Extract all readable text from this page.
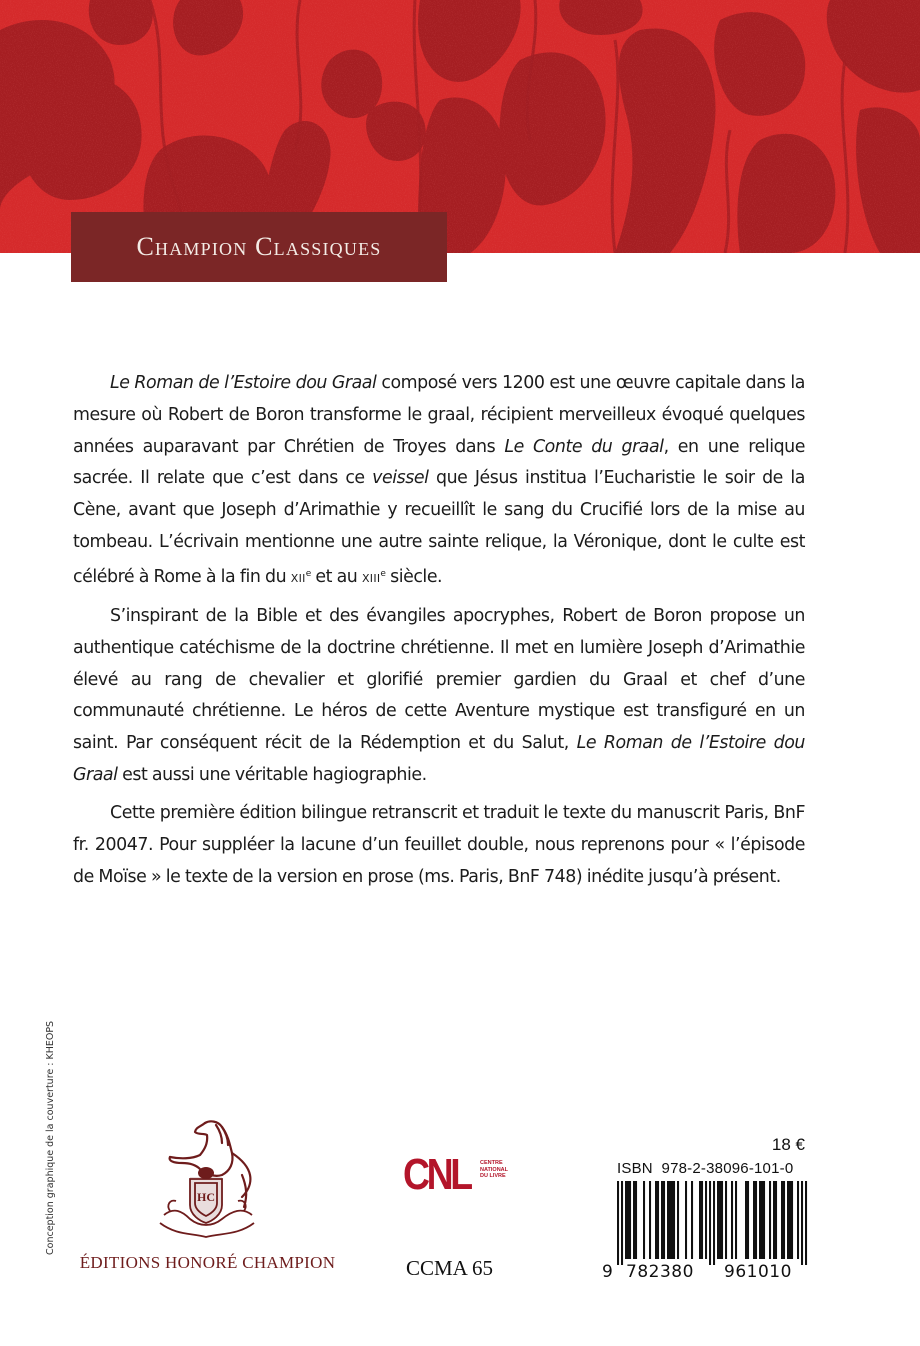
Champion Classiques

Le Roman de l’Estoire dou Graal composé vers 1200 est une œuvre capitale dans la mesure où Robert de Boron transforme le graal, récipient merveilleux évoqué quelques années auparavant par Chrétien de Troyes dans Le Conte du graal, en une relique sacrée. Il relate que c’est dans ce veissel que Jésus institua l’Eucharistie le soir de la Cène, avant que Joseph d’Arimathie y recueillît le sang du Crucifié lors de la mise au tombeau. L’écrivain mentionne une autre sainte relique, la Véronique, dont le culte est célébré à Rome à la fin du XIIe et au XIIIe siècle.

S’inspirant de la Bible et des évangiles apocryphes, Robert de Boron propose un authentique catéchisme de la doctrine chrétienne. Il met en lumière Joseph d’Arimathie élevé au rang de chevalier et glorifié premier gardien du Graal et chef d’une communauté chrétienne. Le héros de cette Aventure mystique est transfiguré en un saint. Par conséquent récit de la Rédemption et du Salut, Le Roman de l’Estoire dou Graal est aussi une véritable hagiographie.

Cette première édition bilingue retranscrit et traduit le texte du manuscrit Paris, BnF fr. 20047. Pour suppléer la lacune d’un feuillet double, nous reprenons pour « l’épisode de Moïse » le texte de la version en prose (ms. Paris, BnF 748) inédite jusqu’à présent.

Conception graphique de la couverture : KHEOPS	HC
ÉDITIONS HONORÉ CHAMPION
CNL CENTRE
NATIONAL
DU LIVRE
CCMA 65
18 €
ISBN  978-2-38096-101-0
9 782380 961010
